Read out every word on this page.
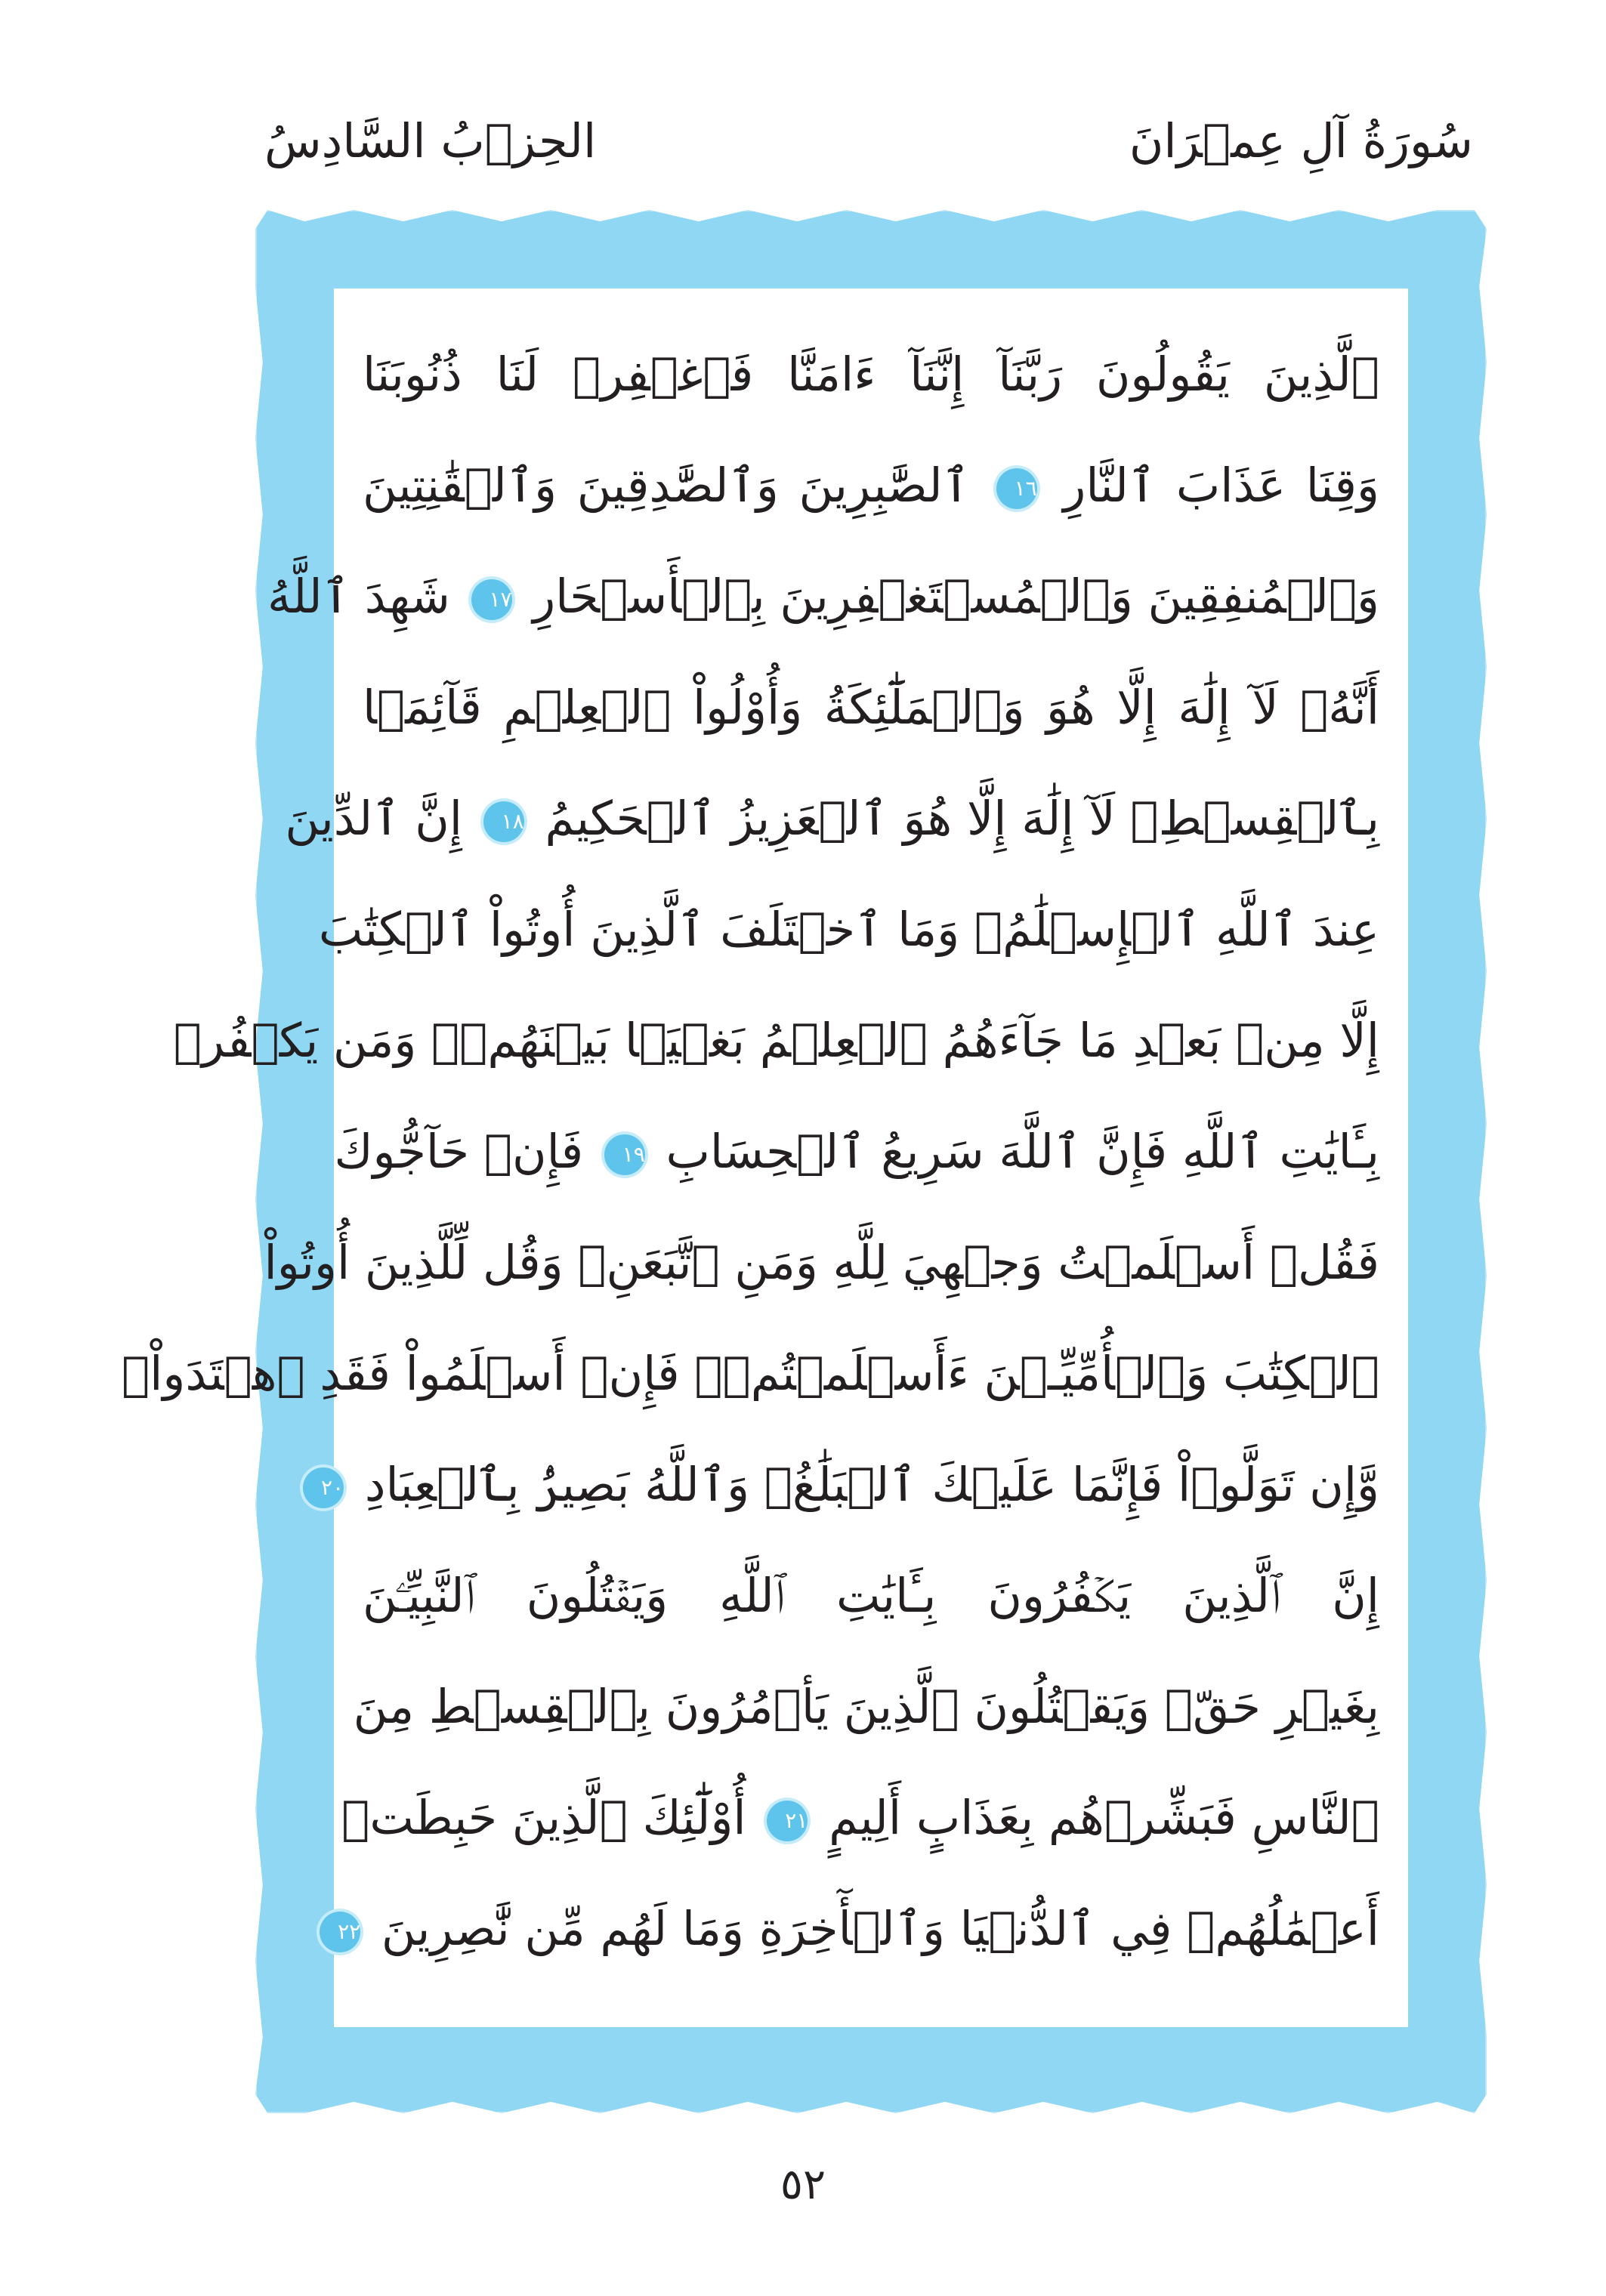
سُورَةُ آلِ عِمۡرَانَ
الحِزۡبُ السَّادِسُ
ٱلَّذِينَ يَقُولُونَ رَبَّنَآ إِنَّنَآ ءَامَنَّا فَٱغۡفِرۡ لَنَا ذُنُوبَنَا
وَقِنَا عَذَابَ ٱلنَّارِ ١٦ ٱلصَّٰبِرِينَ وَٱلصَّٰدِقِينَ وَٱلۡقَٰنِتِينَ
وَٱلۡمُنفِقِينَ وَٱلۡمُسۡتَغۡفِرِينَ بِٱلۡأَسۡحَارِ ١٧ شَهِدَ ٱللَّهُ
أَنَّهُۥ لَآ إِلَٰهَ إِلَّا هُوَ وَٱلۡمَلَٰٓئِكَةُ وَأُوْلُواْ ٱلۡعِلۡمِ قَآئِمَۢا
بِٱلۡقِسۡطِۚ لَآ إِلَٰهَ إِلَّا هُوَ ٱلۡعَزِيزُ ٱلۡحَكِيمُ ١٨ إِنَّ ٱلدِّينَ
عِندَ ٱللَّهِ ٱلۡإِسۡلَٰمُۗ وَمَا ٱخۡتَلَفَ ٱلَّذِينَ أُوتُواْ ٱلۡكِتَٰبَ
إِلَّا مِنۢ بَعۡدِ مَا جَآءَهُمُ ٱلۡعِلۡمُ بَغۡيَۢا بَيۡنَهُمۡۗ وَمَن يَكۡفُرۡ
بِـَٔايَٰتِ ٱللَّهِ فَإِنَّ ٱللَّهَ سَرِيعُ ٱلۡحِسَابِ ١٩ فَإِنۡ حَآجُّوكَ
فَقُلۡ أَسۡلَمۡتُ وَجۡهِيَ لِلَّهِ وَمَنِ ٱتَّبَعَنِۗ وَقُل لِّلَّذِينَ أُوتُواْ
ٱلۡكِتَٰبَ وَٱلۡأُمِّيِّـۧنَ ءَأَسۡلَمۡتُمۡۚ فَإِنۡ أَسۡلَمُواْ فَقَدِ ٱهۡتَدَواْۖ
وَّإِن تَوَلَّوۡاْ فَإِنَّمَا عَلَيۡكَ ٱلۡبَلَٰغُۗ وَٱللَّهُ بَصِيرُۢ بِٱلۡعِبَادِ ٢٠
إِنَّ ٱلَّذِينَ يَكۡفُرُونَ بِـَٔايَٰتِ ٱللَّهِ وَيَقۡتُلُونَ ٱلنَّبِيِّـۧنَ
بِغَيۡرِ حَقّٖ وَيَقۡتُلُونَ ٱلَّذِينَ يَأۡمُرُونَ بِٱلۡقِسۡطِ مِنَ
ٱلنَّاسِ فَبَشِّرۡهُم بِعَذَابٍ أَلِيمٍ ٢١ أُوْلَٰٓئِكَ ٱلَّذِينَ حَبِطَتۡ
أَعۡمَٰلُهُمۡ فِي ٱلدُّنۡيَا وَٱلۡأٓخِرَةِ وَمَا لَهُم مِّن نَّٰصِرِينَ ٢٢
٥٢
